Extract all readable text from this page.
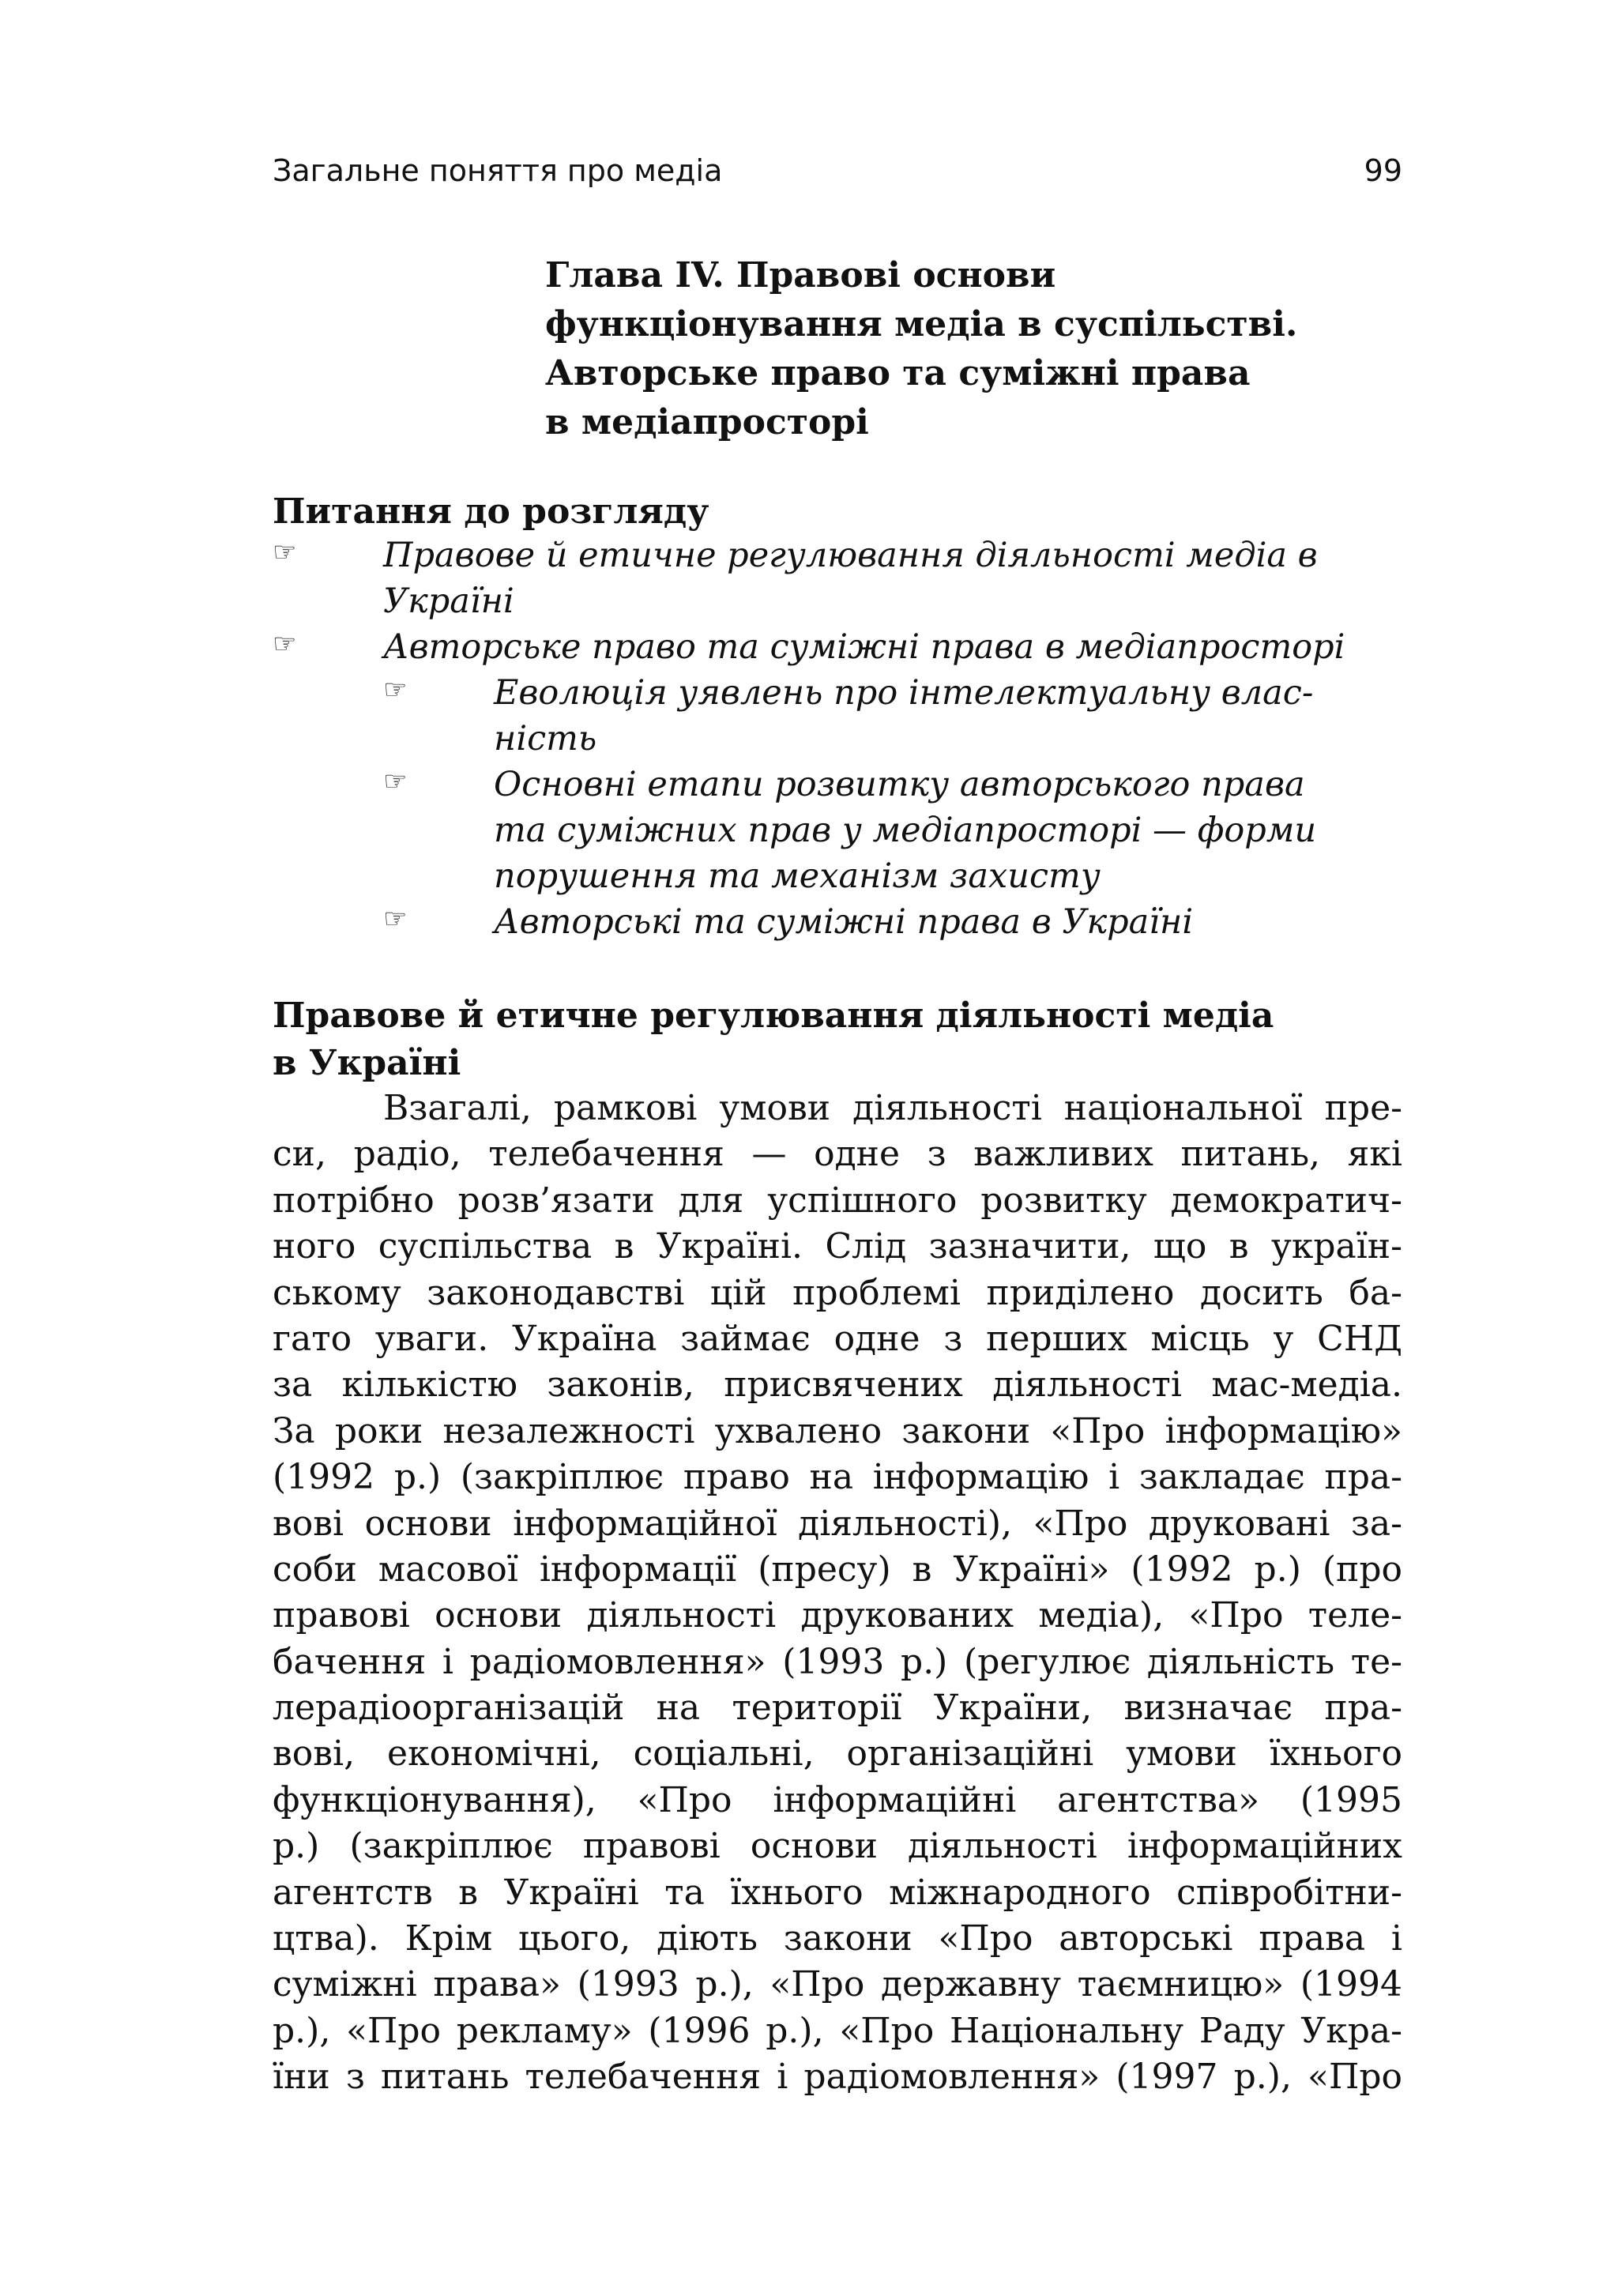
Загальне поняття про медіа	99
Глава IV. Правові основи
функціонування медіа в суспільстві.
Авторське право та суміжні права
в медіапросторі
Питання до розгляду
☞	Правове й етичне регулювання діяльності медіа в
Україні
☞	Авторське право та суміжні права в медіапросторі
☞	Еволюція уявлень про інтелектуальну влас-
ність
☞	Основні етапи розвитку авторського права
та суміжних прав у медіапросторі — форми
порушення та механізм захисту
☞	Авторські та суміжні права в Україні
Правове й етичне регулювання діяльності медіа
в Україні
Взагалі, рамкові умови діяльності національної пре-
си, радіо, телебачення — одне з важливих питань, які
потрібно розв’язати для успішного розвитку демократич-
ного суспільства в Україні. Слід зазначити, що в україн-
ському законодавстві цій проблемі приділено досить ба-
гато уваги. Україна займає одне з перших місць у СНД
за кількістю законів, присвячених діяльності мас-медіа.
За роки незалежності ухвалено закони «Про інформацію»
(1992 р.) (закріплює право на інформацію і закладає пра-
вові основи інформаційної діяльності), «Про друковані за-
соби масової інформації (пресу) в Україні» (1992 р.) (про
правові основи діяльності друкованих медіа), «Про теле-
бачення і радіомовлення» (1993 р.) (регулює діяльність те-
лерадіоорганізацій на території України, визначає пра-
вові, економічні, соціальні, організаційні умови їхнього
функціонування), «Про інформаційні агентства» (1995
р.) (закріплює правові основи діяльності інформаційних
агентств в Україні та їхнього міжнародного співробітни-
цтва). Крім цього, діють закони «Про авторські права і
суміжні права» (1993 р.), «Про державну таємницю» (1994
р.), «Про рекламу» (1996 р.), «Про Національну Раду Укра-
їни з питань телебачення і радіомовлення» (1997 р.), «Про
